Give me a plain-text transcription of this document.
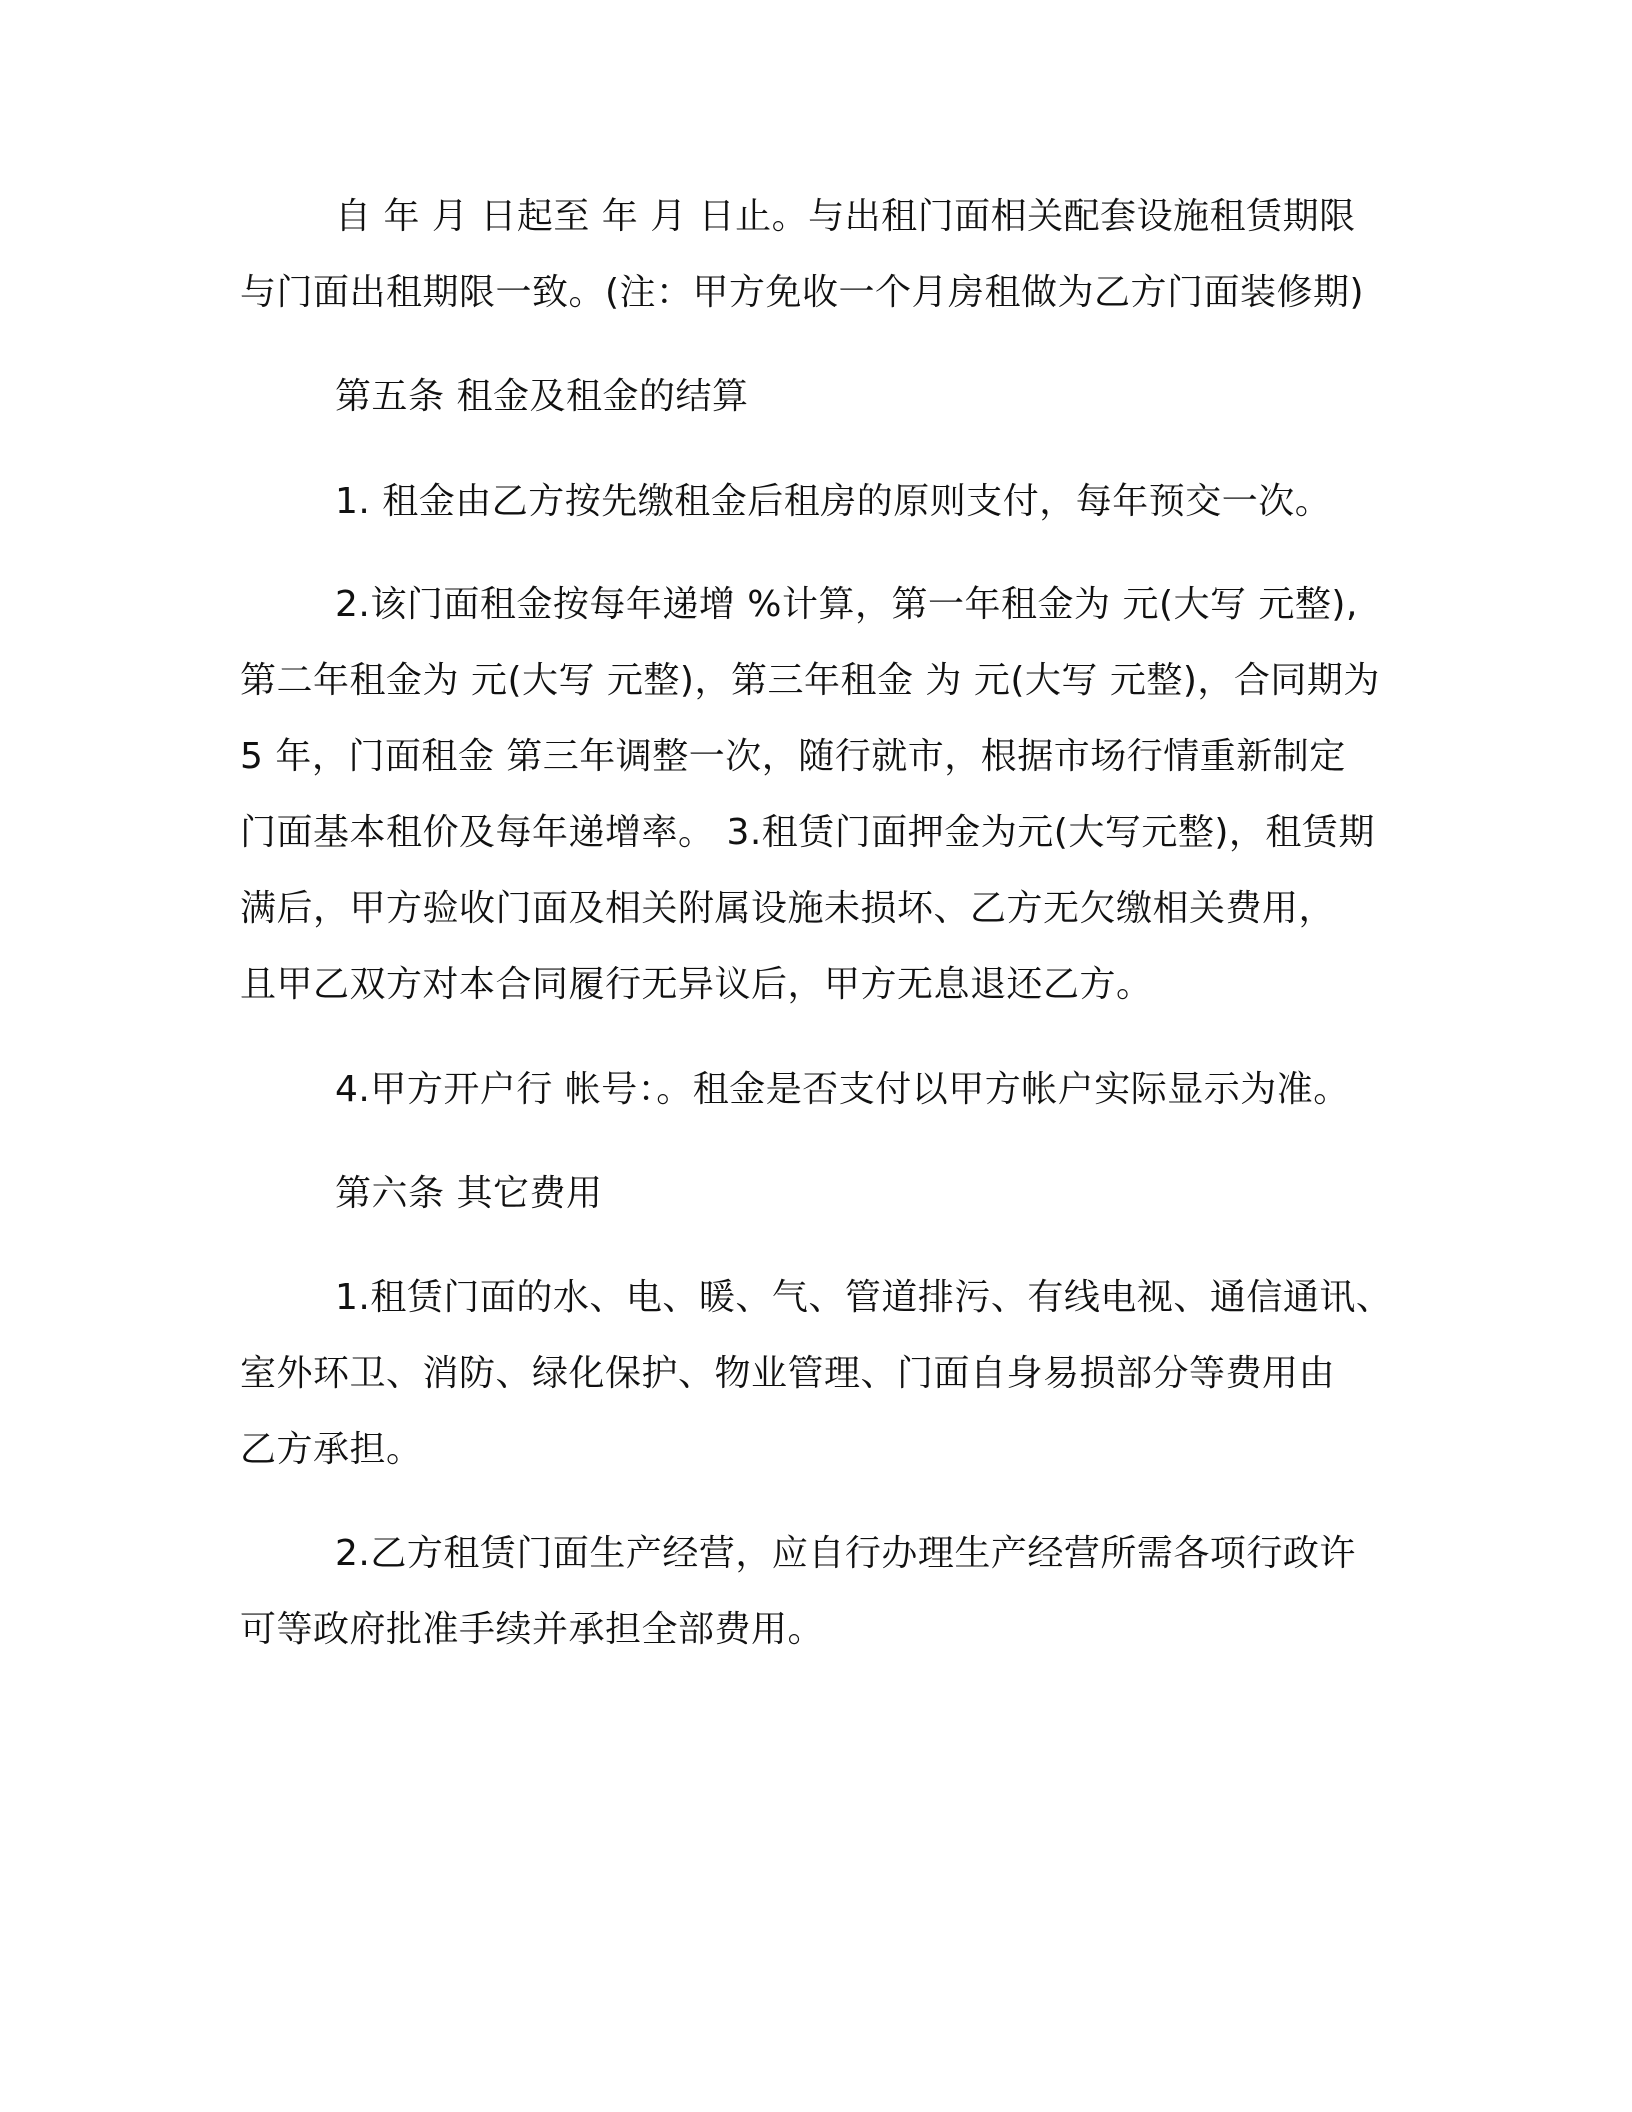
自 年 月 日起至 年 月 日止。与出租门面相关配套设施租赁期限
与门面出租期限一致。(注：甲方免收一个月房租做为乙方门面装修期)
第五条 租金及租金的结算
1. 租金由乙方按先缴租金后租房的原则支付，每年预交一次。
2.该门面租金按每年递增 %计算，第一年租金为 元(大写 元整),
第二年租金为 元(大写 元整)，第三年租金 为 元(大写 元整)，合同期为
5 年，门面租金 第三年调整一次，随行就市，根据市场行情重新制定
门面基本租价及每年递增率。 3.租赁门面押金为元(大写元整)，租赁期
满后，甲方验收门面及相关附属设施未损坏、乙方无欠缴相关费用，
且甲乙双方对本合同履行无异议后，甲方无息退还乙方。
4.甲方开户行 帐号：。租金是否支付以甲方帐户实际显示为准。
第六条 其它费用
1.租赁门面的水、电、暖、气、管道排污、有线电视、通信通讯、
室外环卫、消防、绿化保护、物业管理、门面自身易损部分等费用由
乙方承担。
2.乙方租赁门面生产经营，应自行办理生产经营所需各项行政许
可等政府批准手续并承担全部费用。
